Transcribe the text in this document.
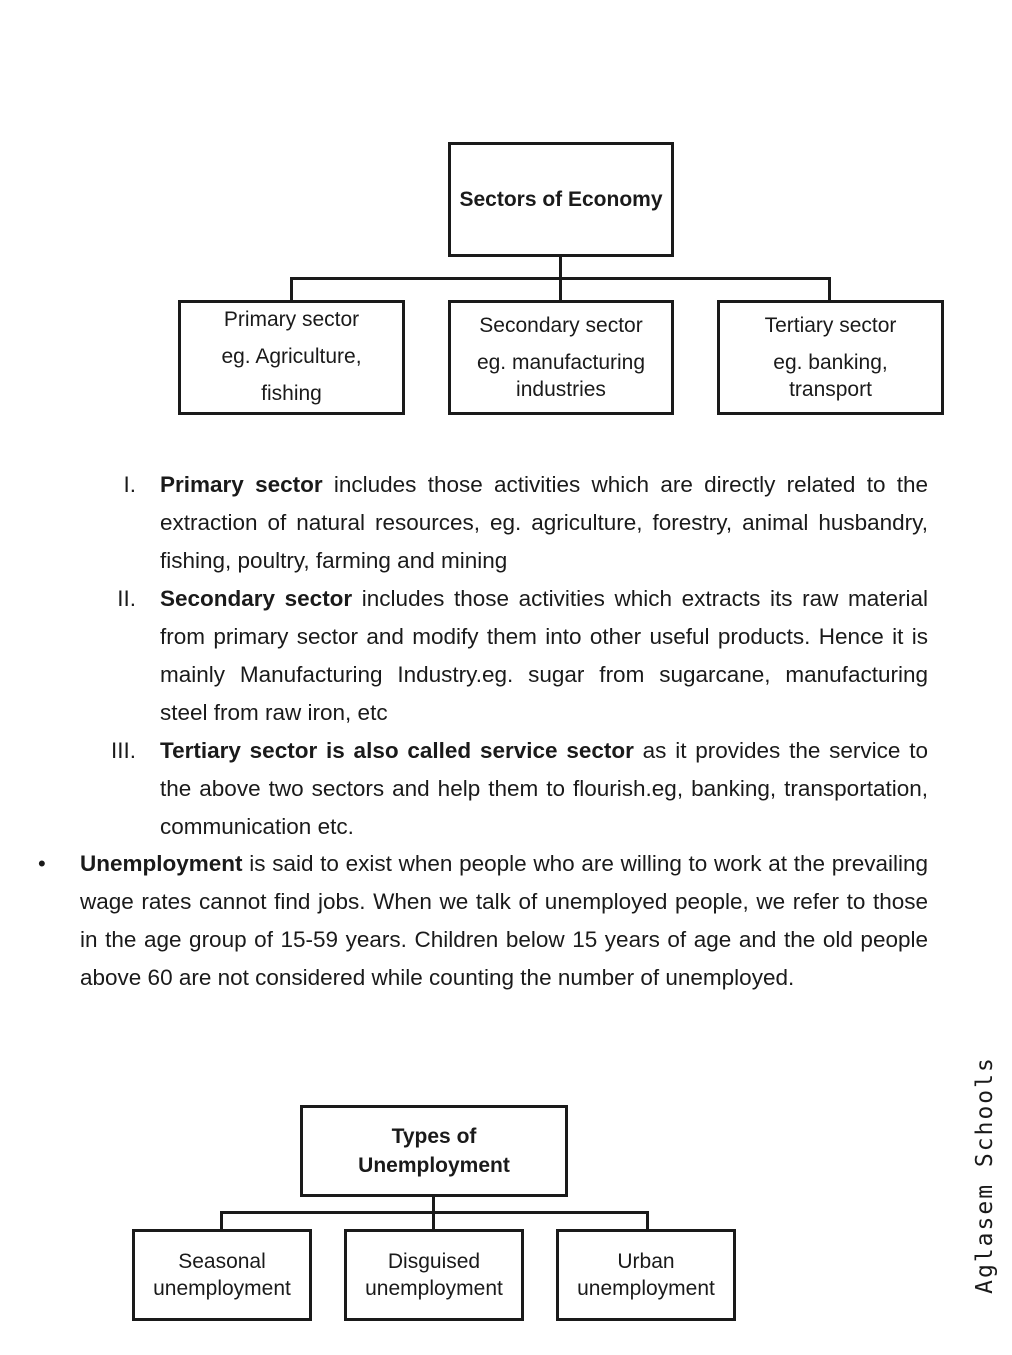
Sectors of Economy
Primary sector
eg. Agriculture, fishing
Secondary sector
eg. manufacturing industries
Tertiary sector
eg. banking, transport
I.	Primary sector includes those activities which are directly related to the extraction of natural resources, eg. agriculture, forestry, animal husbandry, fishing, poultry, farming and mining
II.	Secondary sector includes those activities which extracts its raw material from primary sector and modify them into other useful products. Hence it is mainly Manufacturing Industry.eg. sugar from sugarcane, manufacturing steel from raw iron, etc
III.	Tertiary sector is also called service sector as it provides the service to the above two sectors and help them to flourish.eg, banking, transportation, communication etc.
•	Unemployment is said to exist when people who are willing to work at the prevailing wage rates cannot find jobs. When we talk of unemployed people, we refer to those in the age group of 15-59 years. Children below 15 years of age and the old people above 60 are not considered while counting the number of unemployed.
Types of Unemployment
Seasonal unemployment
Disguised unemployment
Urban unemployment	Aglasem Schools
